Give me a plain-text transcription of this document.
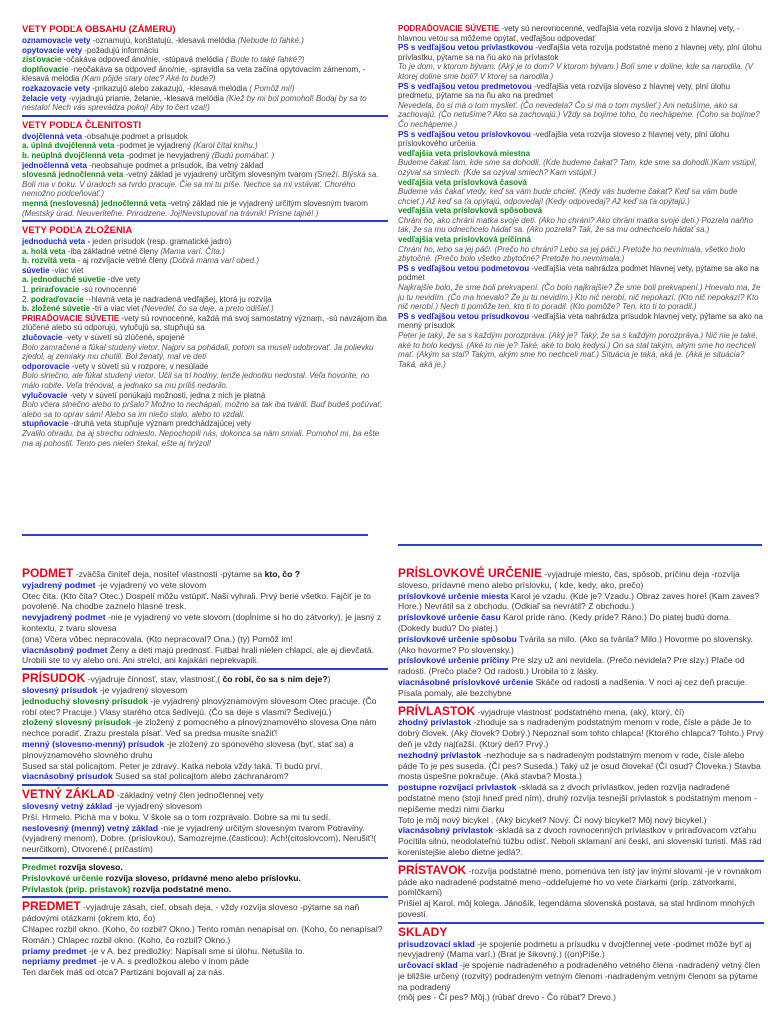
VETY PODĽA OBSAHU (ZÁMERU)

oznamovacie vety -oznamujú, konštatujú, -klesavá melódia (Nebude to ľahké.)

opytovacie vety -požadujú informáciu

zisťovacie -očakáva odpoveď áno/nie, -stúpavá melódia ( Bude to také ľahké?)

doplňovacie -neočakáva sa odpoveď áno/nie, -spravidla sa veta začína opytovacím zámenom, -klesavá melódia (Kam pôjde stary otec? Aké to bude?)

rozkazovacie vety -prikazujú alebo zakazujú, -klesavá melódia ( Pomôž mi!)

želacie vety -vyjadrujú prianie, želanie, -klesavá melódia (Kiež by mi bol pomohol! Bodaj by sa to nestalo! Nech vás sprevádza pokoj! Aby to čert vzal!)

VETY PODĽA ČLENITOSTI

dvojčlenná veta -obsahuje podmet a prísudok

a. úplná dvojčlenná veta -podmet je vyjadrený (Karol čítal knihu.)

b. neúplná dvojčlenná veta -podmet je nevyjadrený (Budú pomáhať. )

jednočlenná veta -neobsahuje podmet a prísudok, iba vetný základ

slovesná jednočlenná veta -vetný základ je vyjadrený určitým slovesným tvarom (Sneží. Blýska sa. Bolí ma v boku. V úradoch sa tvrdo pracuje. Čie sa mi tu píše. Nechce sa mi vstávať. Chorého nemožno podceňovať.)

menná (neslovesná) jednočlenná veta -vetný základ nie je vyjadrený určitým slovesným tvarom (Mestský úrad. Neuveriteľne. Prirodzene. Joj!Nevstupovať na trávnik! Prísne tajné! )

VETY PODĽA ZLOŽENIA

jednoduchá veta - jeden prísudok (resp. gramatické jadro)

a. holá veta -iba základné vetné členy (Mama varí. Číta.)

b. rozvitá veta - aj rozvíjacie vetné členy (Dobrá mama varí obed.)

súvetie -viac viet

a. jednoduché súvetie -dve vety

1. priraďovacie -sú rovnocenné

2. podraďovacie --hlavná veta je nadradená vedľajšej, ktorá ju rozvíja

b. zložené súvetie -tri a viac viet (Nevedel, čo sa deje, a preto odišiel.)

PRIRAĎOVACIE SÚVETIE -vety sú rovnocenné, každá má svoj samostatný význam, -sú navzájom iba zlúčené alebo sú odporujú, vylučujú sa, stupňujú sa

zlučovacie -vety v súvetí sú zlúčené, spojené

Bolo zamračené a fúkal studený vietor. Najprv sa pohádali, potom sa museli udobrovať. Ja polievku zjedol, aj zemiaky mu chutili. Bol ženatý, mal ve deti

odporovacie -vety v súvetí sú v rozpore, v nesúlade

Bolo slnečno, ale fúkal studený vietor. Učil sa tri hodiny, lenže jednotku nedostal. Veľa hovorite, no málo robite. Veľa trénoval, a jednako sa mu príliš nedarilo.

vylučovacie -vety v súvetí ponúkajú možnosti, jedna z nich je platná

Bolo včera slnečno alebo to pršalo? Možno to nechápali, možno sa tak iba tvárili. Buď budeš počúvať, alebo sa to oprav sám! Alebo sa im niečo stalo, alebo to vzdali.

stupňovacie -druhá veta stupňuje význam predchádzajúcej vety

Zvalilo ohradu, ba aj strechu odnieslo. Nepochopili nás, dokonca sa nám smiali. Pomohol mi, ba ešte ma aj pohostil. Tento pes nielen štekal, ešte aj hrýzol!

PODRAĎOVACIE SÚVETIE -vety sú nerovnocenné, vedľajšia veta rozvíja slovo z hlavnej vety, -hlavnou vetou sa môžeme opýtať, vedľajšou odpovedať

PS s vedľajšou vetou prívlastkovou -vedľajšia veta rozvíja podstatné meno z hlavnej vety, plní úlohu prívlastku, pýtame sa na ňu ako na prívlastok

To je dom, v ktorom bývam. (Aký je to dom? V ktorom bývam.) Bolí sme v doline, kde sa narodila. (V ktorej doline sme boli? V ktorej sa narodila.)

PS s vedľajšou vetou predmetovou -vedľajšia veta rozvíja sloveso z hlavnej vety, plní úlohu predmetu, pýtame sa na ňu ako na predmet

Nevedela, čo si má o tom myslieť. (Čo nevedela? Čo si má o tom myslieť.) Ani netušíme, ako sa zachovajú. (Čo netušíme? Ako sa zachovajú.) Vždy sa bojíme toho, čo nechápeme. (Čoho sa bojíme? Čo nechápeme.)

PS s vedľajšou vetou príslovkovou -vedľajšia veta rozvíja sloveso z hlavnej vety, plní úlohu príslovkového určenia

vedľajšia veta príslovková miestna

Budeme čakať tam, kde sme sa dohodli. (Kde budeme čakať? Tam, kde sme sa dohodli.)Kam vstúpil, ozýval sa smiech. (Kde sa ozýval smiech? Kam vstúpil.)

vedľajšia veta príslovková časová

Budeme vás čakať vtedy, keď sa vám bude chcieť. (Kedy vás budeme čakať? Keď sa vám bude chcieť.) Až keď sa ťa opýtajú, odpovedaj! (Kedy odpovedaj? Až keď sa ťa opýtajú.)

vedľajšia veta príslovková spôsobová

Chráni ho, ako chráni matka svoje deti. (Ako ho chráni? Ako chráni matka svoje deti.) Pozrela naňho tak, že sa mu odnechcelo hádať sa. (Ako pozrela? Tak, že sa mu odnechcelo hádať sa.)

vedľajšia veta príslovková príčinná

Chráni ho, lebo sa jej páči. (Prečo ho chráni? Lebo sa jej páči.) Pretože ho nevnímala, všetko bolo zbytočné. (Prečo bolo všetko zbytočné? Pretože ho nevnímala.)

PS s vedľajšou vetou podmetovou -vedľajšia veta nahrádza podmet hlavnej vety, pýtame sa ako na podmet

Najkrajšie bolo, že sme boli prekvapení. (Čo bolo najkrajšie? Že sme boli prekvapení.) Hnevalo ma, že ju tu nevidím. (Čo ma hnevalo? Že ju tu nevidím.) Kto nič nerobí, nič nepokazí. (Kto nič nepokazí? Kto nič nerobí.) Nech ti pomôže ten, kto ti to poradil. (Kto pomôže? Ten, kto ti to poradil.)

PS s vedľajšou vetou prísudkovou -vedľajšia veta nahrádza prísudok hlavnej vety, pýtame sa ako na menný prísudok

Peter je taký, že sa s každým porozpráva. (Aký je? Taký, že sa s každým porozpráva.) Nič nie je také, aké to bolo kedysi. (Aké to nie je? Také, aké to bolo kedysi.) On sa stal takým, akým sme ho nechceli mať. (Akým sa stal? Takým, akým sme ho nechceli mať.) Situácia je taká, aká je. (Aká je situácia? Taká, aká je.)

PODMET -zväčša činiteľ deja, nositeľ vlastnosti -pýtame sa kto, čo ?

vyjadrený podmet -je vyjadrený vo vete slovom

Otec čita. (Kto číta? Otec.) Dospelí môžu vstúpiť. Naši vyhrali. Prvý berie všetko. Fajčiť je to povolené. Na chodbe zaznelo hlasné tresk.

nevyjadrený podmet -nie je vyjadrený vo vete slovom (dopĺníme si ho do zátvorky), je jasný z kontextu, z tvaru slovesa

(ona) Včera vôbec nepracovala. (Kto nepracoval? Ona.) (ty) Pomôž im!

viacnásobný podmet Ženy a deti majú prednosť. Futbal hrali nielen chlapci, ale aj dievčatá. Urobili ste to vy alebo oni. Ani strelci, ani kajakári neprekvapili.

PRÍSUDOK -vyjadruje činnosť, stav, vlastnosť,( čo robí, čo sa s ním deje?)

slovesný prísudok -je vyjadrený slovesom

jednoduchý slovesný prísudok -je vyjadrený plnovýznamovým slovesom Otec pracuje. (Čo robí otec? Pracuje.) Vlasy starého otca šedivejú. (Čo sa deje s vlasmi? Šedivejú.)

zložený slovesný prísudok -je zložený z pomocného a plnovýznamového slovesa Ona nám nechce poradiť. Zrazu prestala písať. Veď sa predsa musíte snažiť!

menný (slovesno-menný) prísudok -je zložený zo sponového slovesa (byť, stať sa) a plnovýznamového slovného druhu

Sused sa stal policajtom. Peter je zdravý. Katka nebola vždy taká. Ti budú prví.

viacnásobný prísudok Sused sa stal policajtom alebo záchranárom?

VETNÝ ZÁKLAD -základný vetný člen jednočlennej vety

slovesný vetný základ -je vyjadrený slovesom

Prší. Hrmelo. Pichá ma v boku. V škole sa o tom rozprávalo. Dobre sa mi tu sedí.

neslovesný (menný) vetný základ -nie je vyjadrený určitým slovesným tvarom Potraviny.(vyjadrený menom), Dobre. (príslovkou), Samozrejme.(časticou): Ach!(citoslovcom), Nerušiť!( neurčitkom), Otvorené.( príčastím)

Predmet rozvíja sloveso.

Príslovkové určenie rozvíja sloveso, prídavné meno alebo príslovku.

Prívlastok (príp. prístavok) rozvíja podstatné meno.

PREDMET -vyjadruje zásah, cieľ, obsah deja, - vždy rozvíja sloveso -pýtame sa naň pádovými otázkami (okrem kto, čo)

Chlapec rozbil okno. (Koho, čo rozbil? Okno.) Tento román nenapísal on. (Koho, čo nenapísal? Román.) Chlapec rozbil okno. (Koho, čo rozbil? Okno.)

priamy predmet -je v A. bez predložky: Napísali sme si úlohu. Netušila to.

nepriamy predmet -je v A. s predložkou alebo v inom páde

Ten darček máš od otca? Partizáni bojovali aj za nás.

PRÍSLOVKOVÉ URČENIE -vyjadruje miesto, čas, spôsob, príčinu deja -rozvíja sloveso, prídavné meno alebo príslovku, ( kde, kedy, ako, prečo)

príslovkové určenie miesta Karol je vzadu. (Kde je? Vzadu.) Obraz zaves hore! (Kam zaves? Hore.) Nevrátil sa z obchodu. (Odkiaľ sa nevrátil? Z obchodu.)

príslovkové určenie času Karol príde ráno. (Kedy príde? Ráno.) Do piatej budú doma. (Dokedy budú? Do piatej.)

príslovkové určenie spôsobu Tvárila sa milo. (Ako sa tvárila? Milo.) Hovorme po slovensky. (Ako hovorme? Po slovensky.)

príslovkové určenie príčiny Pre slzy už ani nevidela. (Prečo nevidela? Pre slzy.) Plače od radosti. (Prečo plače? Od radosti.) Urobila to z lásky.

viacnásobné príslovkové určenie Skáče od radosti a nadšenia. V noci aj cez deň pracuje. Písala pomaly, ale bezchybne

PRÍVLASTOK -vyjadruje vlastnosť podstatného mena, (aký, ktorý, čí)

zhodný prívlastok -zhoduje sa s nadradeným podstatným menom v rode, čísle a páde Je to dobrý človek. (Aký človek? Dobrý.) Nepoznal som tohto chlapca! (Ktorého chlapca? Tohto.) Prvý deň je vždy najťažší. (Ktorý deň? Prvý.)

nezhodný prívlastok -nezhoduje sa s nadradeným podstatným menom v rode, čísle alebo páde To je pes suseda. (Čí pes? Suseda.) Taký už je osud človeka! (Čí osud? Človeka.) Stavba mosta úspešne pokračuje. (Aká stavba? Mosta.)

postupne rozvíjací prívlastok -skladá sa z dvoch prívlastkov, jeden rozvíja nadradené podstatné meno (stojí hneď pred ním), druhý rozvíja tesnejší prívlastok s podstatným menom -nepíšeme medzi nimi čiarku

Toto je môj nový bicykel . (Aký bicykel? Nový. Čí nový bicykel? Môj nový bicykel.)

viacnásobný prívlastok -skladá sa z dvoch rovnocenných prívlastkov v priraďovacom vzťahu Pocítila silnú, neodolateľnú túžbu odísť. Neboli sklamaní ani českí, ani slovenskí turisti. Máš rád korenistejšie alebo dietne jedlá?.

PRÍSTAVOK -rozvíja podstatné meno, pomenúva ten istý jav inými slovami -je v rovnakom páde ako nadradené podstatné meno -oddeľujeme ho vo vete čiarkami (príp. zátvorkami, pomlčkami)

Prišiel aj Karol, môj kolega. Jánošík, legendárna slovenská postava, sa stal hrdinom mnohých povestí.

SKLADY

prisudzovací sklad -je spojenie podmetu a prísudku v dvojčlennej vete -podmet môže byť aj nevyjadrený (Mama varí.) (Brat je šikovný.) ((on)Píše.)

určovací sklad -je spojenie nadradeného a podradeného vetného člena -nadradený vetný člen je bližšie určený (rozvitý) podradeným vetným členom -nadradeným vetným členom sa pýtame na podradený

(môj pes - Čí pes? Môj.) (rúbať drevo - Čo rúbať? Drevo.)
